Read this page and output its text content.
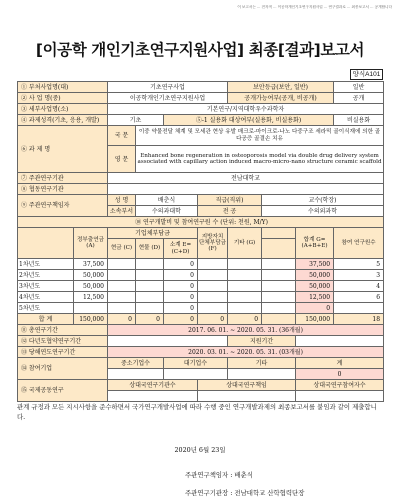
이 보고서는 ... 전자적 ... 이공학개인기초연구지원사업 ... 연구결과로 ... 최종보고서 ... 공개합니다
[이공학 개인기초연구지원사업] 최종[결과]보고서
양식A101
① 부처사업명(대)		기초연구사업				보안등급(보안, 일반)			일반
② 사 업 명(중)		이공학개인기초연구지원사업				공개가능여부(공개, 비공개)			공개
③ 세부사업명(소)		기본연구/지역대학우수과학자							
④ 과제성격(기초, 응용, 개발)		기초		⑤-1 실용화 대상여부(실용화, 비실용화)					비실용화
⑥ 과 제 명		국 문	이중 약물전달 체계 및 모세관 현상 유발 매크로-마이크로-나노 다중구조 세라믹 골이식재에 의한 골다공증 골결손 치유						
		영 문	Enhanced bone regeneration in osteoporosis model via double drug delivery system associated with capillary action induced macro-micro-nano structure ceramic scaffold						
⑦ 주관연구기관		전남대학교							
⑧ 협동연구기관									
⑨ 주관연구책임자		성 명	배춘식		직급(직위)		교수(학장)		
		소속부서	수의과대학		전 공		수의외과학		
⑩ 연구개발비 및 참여연구원 수 (단위: 천원, M/Y)									
	정부출연금 (A)	기업체부담금			지방자치 단체부담금 (F)	기타 (G)		합계 G=(A+B+E)	참여 연구원수
		현금 (C)	현물 (D)	소계 E=(C+D)					
1차년도	37,500			0				37,500	5
2차년도	50,000			0				50,000	3
3차년도	50,000			0				50,000	4
4차년도	12,500			0				12,500	6
5차년도				0				0	
합 계	150,000	0	0	0	0	0		150,000	18
⑪ 총연구기간		2017. 06. 01. ~ 2020. 05. 31. (36개월)							
⑫ 다년도협약연구기간						지원기간			
⑬ 당해연도연구기간		2020. 03. 01. ~ 2020. 05. 31. (03개월)							
⑭ 참여기업		중소기업수		대기업수		기타		계	
								0	
⑮ 국제공동연구		상대국연구기관수			상대국연구책임			상대국연구참여자수	

관계 규정과 모든 지시사항을 준수하면서 국가연구개발사업에 따라 수행 중인 연구개발과제의 최종보고서를 붙임과 같이 제출합니다.
2020년 6월 23일
주관연구책임자 : 배춘식
주관연구기관장 : 전남대학교 산학협력단장
